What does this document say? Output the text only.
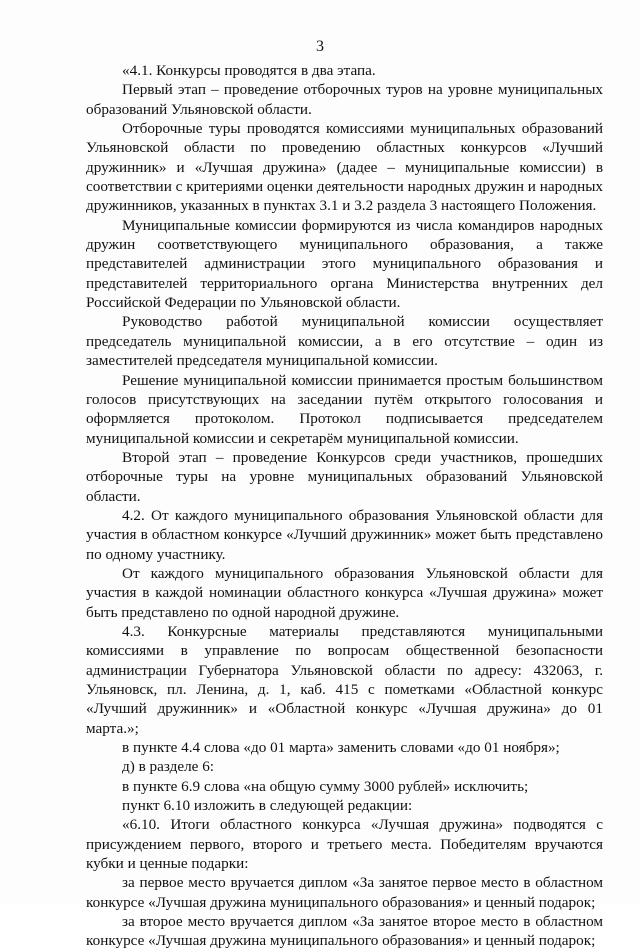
3

«4.1. Конкурсы проводятся в два этапа.

Первый этап – проведение отборочных туров на уровне муниципальных образований Ульяновской области.

Отборочные туры проводятся комиссиями муниципальных образований Ульяновской области по проведению областных конкурсов «Лучший дружинник» и «Лучшая дружина» (дадее – муниципальные комиссии) в соответствии с критериями оценки деятельности народных дружин и народных дружинников, указанных в пунктах 3.1 и 3.2 раздела 3 настоящего Положения.

Муниципальные комиссии формируются из числа командиров народных дружин соответствующего муниципального образования, а также представителей администрации этого муниципального образования и представителей территориального органа Министерства внутренних дел Российской Федерации по Ульяновской области.

Руководство работой муниципальной комиссии осуществляет председатель муниципальной комиссии, а в его отсутствие – один из заместителей председателя муниципальной комиссии.

Решение муниципальной комиссии принимается простым большинством голосов присутствующих на заседании путём открытого голосования и оформляется протоколом. Протокол подписывается председателем муниципальной комиссии и секретарём муниципальной комиссии.

Второй этап – проведение Конкурсов среди участников, прошедших отборочные туры на уровне муниципальных образований Ульяновской области.

4.2. От каждого муниципального образования Ульяновской области для участия в областном конкурсе «Лучший дружинник» может быть представлено по одному участнику.

От каждого муниципального образования Ульяновской области для участия в каждой номинации областного конкурса «Лучшая дружина» может быть представлено по одной народной дружине.

4.3. Конкурсные материалы представляются муниципальными комиссиями в управление по вопросам общественной безопасности администрации Губернатора Ульяновской области по адресу: 432063, г. Ульяновск, пл. Ленина, д. 1, каб. 415 с пометками «Областной конкурс «Лучший дружинник» и «Областной конкурс «Лучшая дружина» до 01 марта.»;

в пункте 4.4 слова «до 01 марта» заменить словами «до 01 ноября»;

д) в разделе 6:

в пункте 6.9 слова «на общую сумму 3000 рублей» исключить;

пункт 6.10 изложить в следующей редакции:

«6.10. Итоги областного конкурса «Лучшая дружина» подводятся с присуждением первого, второго и третьего места. Победителям вручаются кубки и ценные подарки:

за первое место вручается диплом «За занятое первое место в областном конкурсе «Лучшая дружина муниципального образования» и ценный подарок;

за второе место вручается диплом «За занятое второе место в областном конкурсе «Лучшая дружина муниципального образования» и ценный подарок;
